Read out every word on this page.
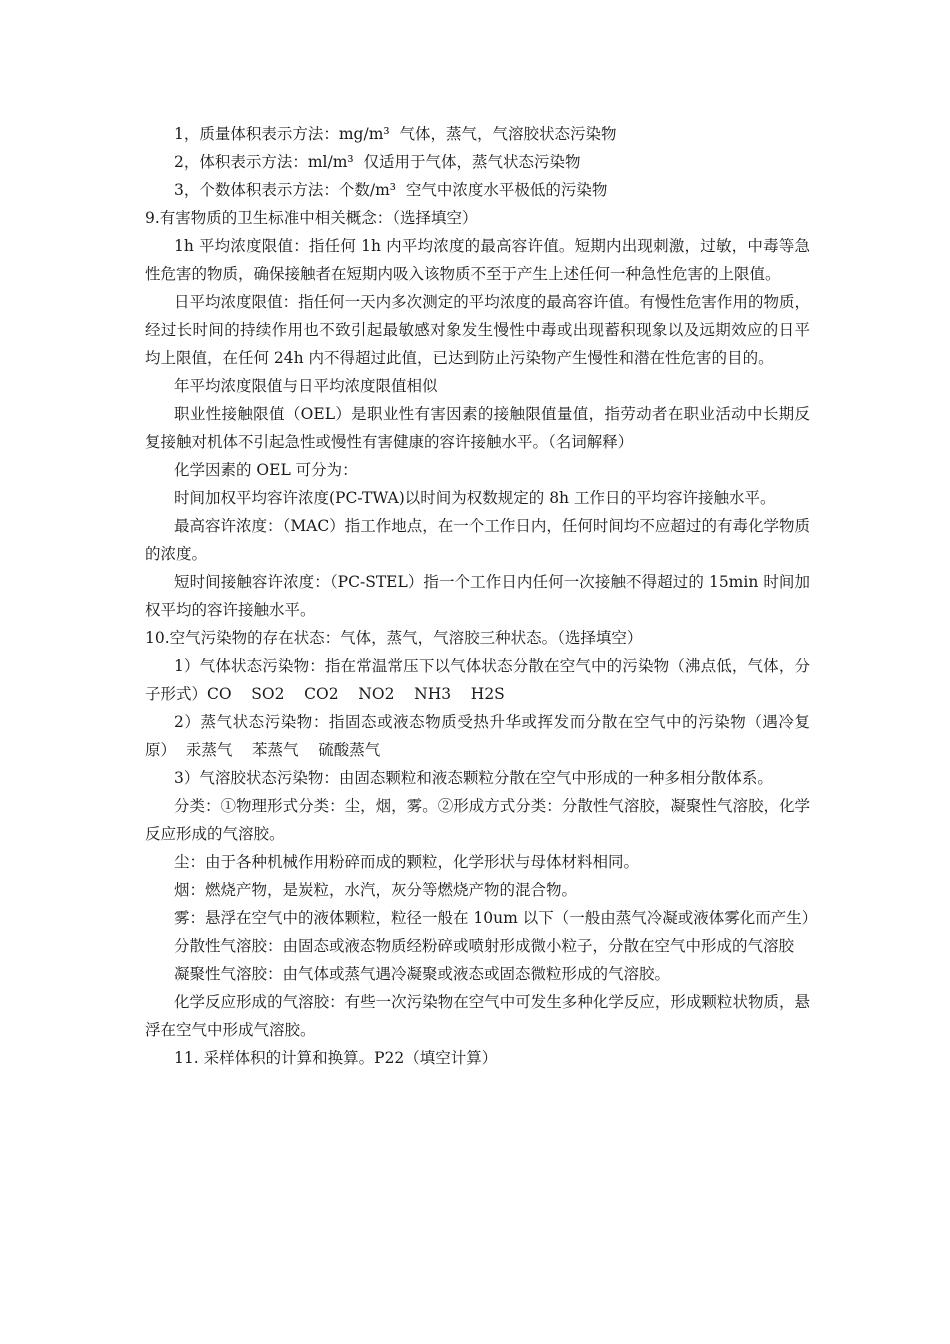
1，质量体积表示方法：mg/m³  气体，蒸气，气溶胶状态污染物

2，体积表示方法：ml/m³  仅适用于气体，蒸气状态污染物

3，个数体积表示方法：个数/m³  空气中浓度水平极低的污染物

9.有害物质的卫生标准中相关概念：（选择填空）

1h 平均浓度限值：指任何 1h 内平均浓度的最高容许值。短期内出现刺激，过敏，中毒等急性危害的物质，确保接触者在短期内吸入该物质不至于产生上述任何一种急性危害的上限值。

日平均浓度限值：指任何一天内多次测定的平均浓度的最高容许值。有慢性危害作用的物质，经过长时间的持续作用也不致引起最敏感对象发生慢性中毒或出现蓄积现象以及远期效应的日平均上限值，在任何 24h 内不得超过此值，已达到防止污染物产生慢性和潜在性危害的目的。

年平均浓度限值与日平均浓度限值相似

职业性接触限值（OEL）是职业性有害因素的接触限值量值，指劳动者在职业活动中长期反复接触对机体不引起急性或慢性有害健康的容许接触水平。（名词解释）

化学因素的 OEL 可分为：

时间加权平均容许浓度(PC-TWA)以时间为权数规定的 8h 工作日的平均容许接触水平。

最高容许浓度：（MAC）指工作地点，在一个工作日内，任何时间均不应超过的有毒化学物质的浓度。

短时间接触容许浓度：（PC-STEL）指一个工作日内任何一次接触不得超过的 15min 时间加权平均的容许接触水平。

10.空气污染物的存在状态：气体，蒸气，气溶胶三种状态。（选择填空）

1）气体状态污染物：指在常温常压下以气体状态分散在空气中的污染物（沸点低，气体，分子形式）CO    SO2    CO2    NO2    NH3    H2S

2）蒸气状态污染物：指固态或液态物质受热升华或挥发而分散在空气中的污染物（遇冷复原）  汞蒸气    苯蒸气    硫酸蒸气

3）气溶胶状态污染物：由固态颗粒和液态颗粒分散在空气中形成的一种多相分散体系。

分类：①物理形式分类：尘，烟，雾。②形成方式分类：分散性气溶胶，凝聚性气溶胶，化学反应形成的气溶胶。

尘：由于各种机械作用粉碎而成的颗粒，化学形状与母体材料相同。

烟：燃烧产物，是炭粒，水汽，灰分等燃烧产物的混合物。

雾：悬浮在空气中的液体颗粒，粒径一般在 10um 以下（一般由蒸气冷凝或液体雾化而产生）

分散性气溶胶：由固态或液态物质经粉碎或喷射形成微小粒子，分散在空气中形成的气溶胶

凝聚性气溶胶：由气体或蒸气遇冷凝聚或液态或固态微粒形成的气溶胶。

化学反应形成的气溶胶：有些一次污染物在空气中可发生多种化学反应，形成颗粒状物质，悬浮在空气中形成气溶胶。

11. 采样体积的计算和换算。P22（填空计算）
